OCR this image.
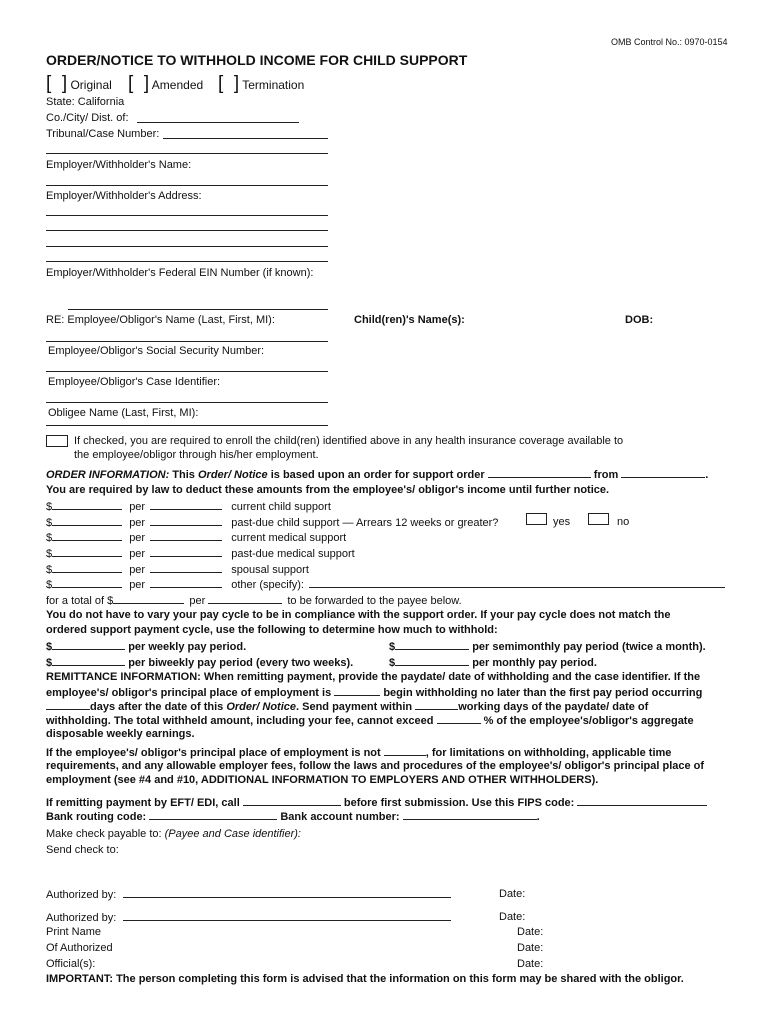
OMB Control No.: 0970-0154
ORDER/NOTICE TO WITHHOLD INCOME FOR CHILD SUPPORT
[  ] Original [  ] Amended [  ] Termination
State: California
Co./City/ Dist. of:
Tribunal/Case Number:
Employer/Withholder's Name:
Employer/Withholder's Address:
Employer/Withholder's Federal EIN Number (if known):
RE: Employee/Obligor's Name (Last, First, MI):	Child(ren)'s Name(s):	DOB:
Employee/Obligor's Social Security Number:
Employee/Obligor's Case Identifier:
Obligee Name (Last, First, MI):
If checked, you are required to enroll the child(ren) identified above in any health insurance coverage available to
the employee/obligor through his/her employment.
ORDER INFORMATION: This Order/ Notice is based upon an order for support order	from	.
You are required by law to deduct these amounts from the employee's/ obligor's income until further notice.
$	per	current child support
$	per	past-due child support — Arrears 12 weeks or greater?	yes	no
$	per	current medical support
$	per	past-due medical support
$	per	spousal support
$	per	other (specify):
for a total of $	per	to be forwarded to the payee below.
You do not have to vary your pay cycle to be in compliance with the support order. If your pay cycle does not match the
ordered support payment cycle, use the following to determine how much to withhold:
$	per weekly pay period.	$	per semimonthly pay period (twice a month).
$	per biweekly pay period (every two weeks).	$	per monthly pay period.
REMITTANCE INFORMATION: When remitting payment, provide the paydate/ date of withholding and the case identifier. If the
employee's/ obligor's principal place of employment is	begin withholding no later than the first pay period occurring
days after the date of this Order/ Notice. Send payment within	working days of the paydate/ date of
withholding. The total withheld amount, including your fee, cannot exceed	% of the employee's/obligor's aggregate
disposable weekly earnings.
If the employee's/ obligor's principal place of employment is not	, for limitations on withholding, applicable time
requirements, and any allowable employer fees, follow the laws and procedures of the employee's/ obligor's principal place of
employment (see #4 and #10, ADDITIONAL INFORMATION TO EMPLOYERS AND OTHER WITHHOLDERS).
If remitting payment by EFT/ EDI, call	before first submission. Use this FIPS code:
Bank routing code:	Bank account number:	.
Make check payable to: (Payee and Case identifier):
Send check to:
Authorized by:	Date:
Authorized by:	Date:
Print Name	Date:
Of Authorized	Date:
Official(s):	Date:
IMPORTANT: The person completing this form is advised that the information on this form may be shared with the obligor.
